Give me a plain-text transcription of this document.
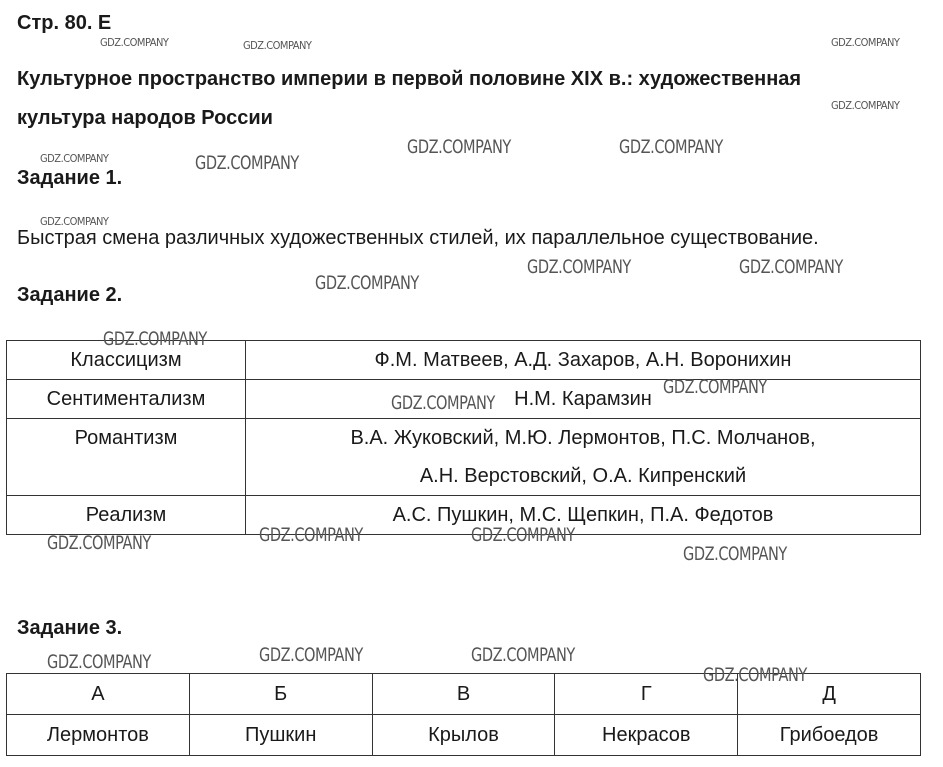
Стр. 80. Е
Культурное пространство империи в первой половине XIX в.: художественная
культура народов России
Задание 1.
Быстрая смена различных художественных стилей, их параллельное существование.
Задание 2.
Классицизм	Ф.М. Матвеев, А.Д. Захаров, А.Н. Воронихин
Сентиментализм	Н.М. Карамзин
Романтизм	В.А. Жуковский, М.Ю. Лермонтов, П.С. Молчанов,
	А.Н. Верстовский, О.А. Кипренский
Реализм	А.С. Пушкин, М.С. Щепкин, П.А. Федотов
Задание 3.
А	Б	В	Г	Д
Лермонтов	Пушкин	Крылов	Некрасов	Грибоедов
GDZ.COMPANY	GDZ.COMPANY	GDZ.COMPANY
GDZ.COMPANY
GDZ.COMPANY
GDZ.COMPANY
GDZ.COMPANY
GDZ.COMPANY	GDZ.COMPANY
GDZ.COMPANY
GDZ.COMPANY	GDZ.COMPANY
GDZ.COMPANY
GDZ.COMPANY
GDZ.COMPANY
GDZ.COMPANY	GDZ.COMPANY	GDZ.COMPANY
GDZ.COMPANY
GDZ.COMPANY	GDZ.COMPANY	GDZ.COMPANY
GDZ.COMPANY
